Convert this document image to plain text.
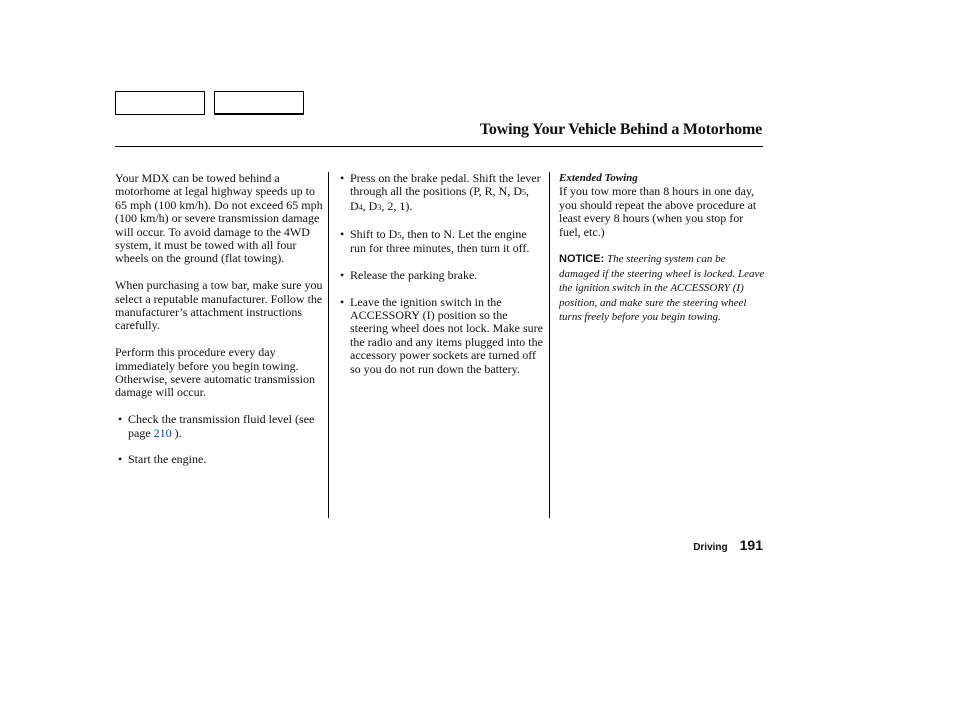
Towing Your Vehicle Behind a Motorhome

Your MDX can be towed behind a motorhome at legal highway speeds up to 65 mph (100 km/h). Do not exceed 65 mph (100 km/h) or severe transmission damage will occur. To avoid damage to the 4WD system, it must be towed with all four wheels on the ground (flat towing).

When purchasing a tow bar, make sure you select a reputable manufacturer. Follow the manufacturer’s attachment instructions carefully.

Perform this procedure every day immediately before you begin towing. Otherwise, severe automatic transmission damage will occur.

• Check the transmission fluid level (see page 210 ).
• Start the engine.
• Press on the brake pedal. Shift the lever through all the positions (P, R, N, D5, D4, D3, 2, 1).
• Shift to D5, then to N. Let the engine run for three minutes, then turn it off.
• Release the parking brake.
• Leave the ignition switch in the ACCESSORY (I) position so the steering wheel does not lock. Make sure the radio and any items plugged into the accessory power sockets are turned off so you do not run down the battery.
Extended Towing

If you tow more than 8 hours in one day, you should repeat the above procedure at least every 8 hours (when you stop for fuel, etc.)

NOTICE: The steering system can be damaged if the steering wheel is locked. Leave the ignition switch in the ACCESSORY (I) position, and make sure the steering wheel turns freely before you begin towing.

Driving 191
